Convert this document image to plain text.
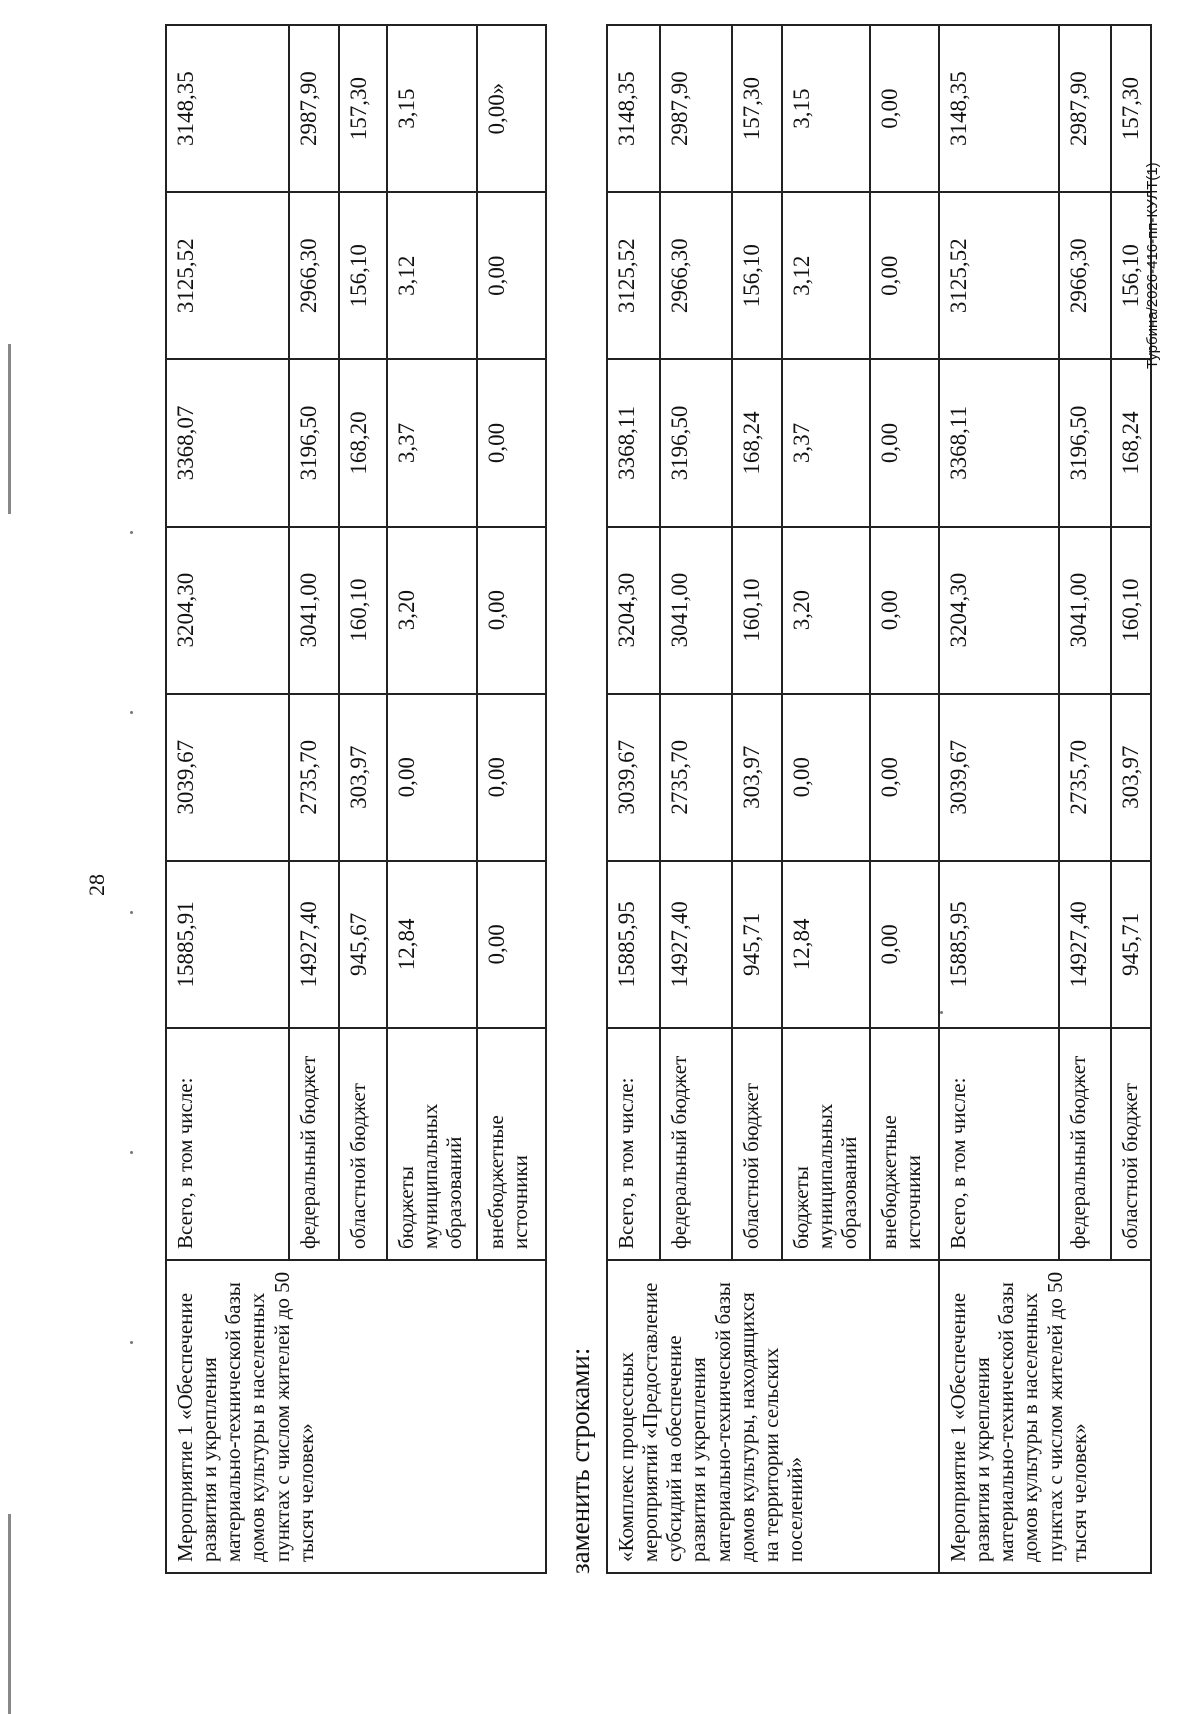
28
Мероприятие 1 «Обеспечение развития и укрепления материально-технической базы домов культуры в населенных пунктах с числом жителей до 50 тысяч человек»	Всего, в том числе:	15885,91	3039,67	3204,30	3368,07	3125,52	3148,35
	федеральный бюджет	14927,40	2735,70	3041,00	3196,50	2966,30	2987,90
	областной бюджет	945,67	303,97	160,10	168,20	156,10	157,30
	бюджеты муниципальных образований	12,84	0,00	3,20	3,37	3,12	3,15
	внебюджетные источники	0,00	0,00	0,00	0,00	0,00	0,00»
заменить строками: «Комплекс процессных мероприятий «Предоставление субсидий на обеспечение развития и укрепления материально-технической базы домов культуры, находящихся на территории сельских поселений»	Всего, в том числе:	15885,95	3039,67	3204,30	3368,11	3125,52	3148,35
	федеральный бюджет	14927,40	2735,70	3041,00	3196,50	2966,30	2987,90
	областной бюджет	945,71	303,97	160,10	168,24	156,10	157,30
	бюджеты муниципальных образований	12,84	0,00	3,20	3,37	3,12	3,15
	внебюджетные источники	0,00	0,00	0,00	0,00	0,00	0,00
Мероприятие 1 «Обеспечение развития и укрепления материально-технической базы домов культуры в населенных пунктах с числом жителей до 50 тысяч человек»	Всего, в том числе:	15885,95	3039,67	3204,30	3368,11	3125,52	3148,35
	федеральный бюджет	14927,40	2735,70	3041,00	3196,50	2966,30	2987,90
	областной бюджет	945,71	303,97	160,10	168,24	156,10	157,30
Турбина/2026-416-пп-КУЛТ(1)
